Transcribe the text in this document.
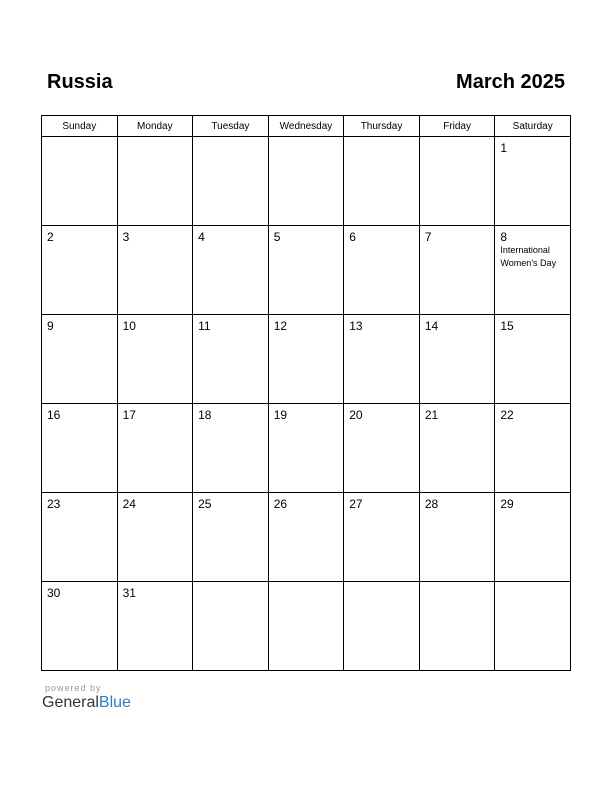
Russia	March 2025
Sunday	Monday	Tuesday	Wednesday	Thursday	Friday	Saturday

						1

2	3	4	5	6	7	8
International
Women’s Day

9	10	11	12	13	14	15

16	17	18	19	20	21	22

23	24	25	26	27	28	29

30	31					

powered by
GeneralBlue
